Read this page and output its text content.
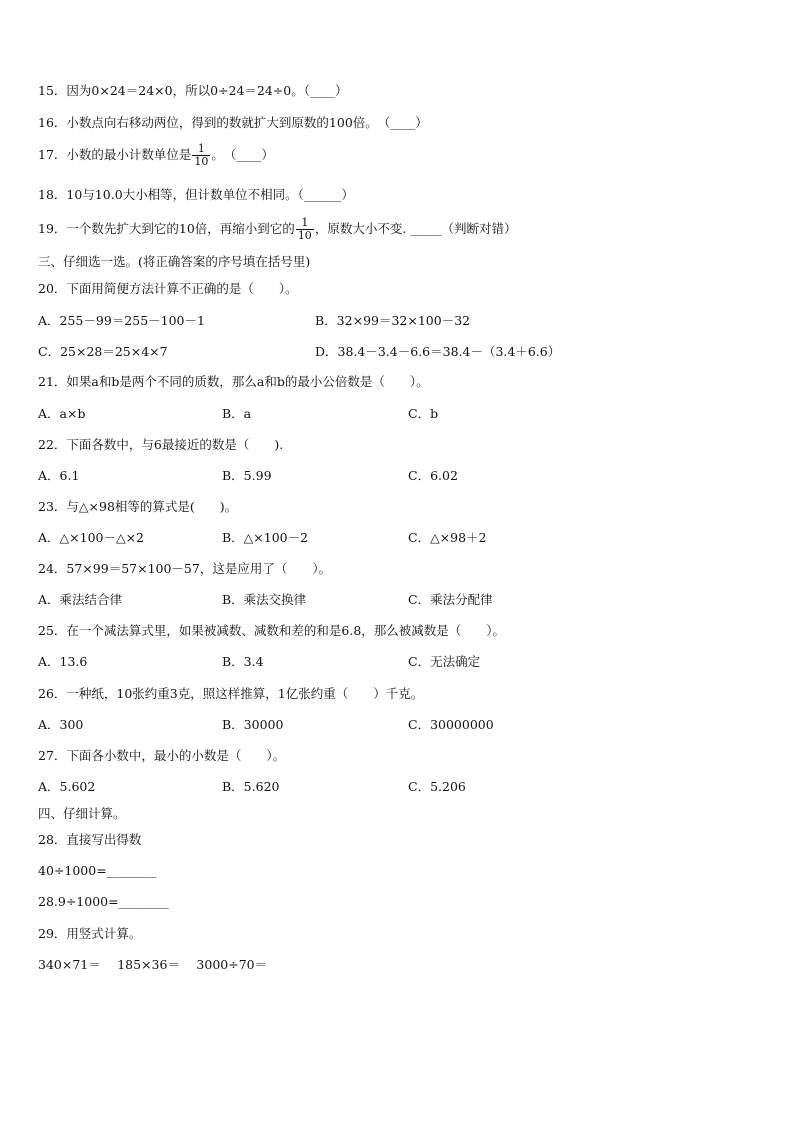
15．因为0×24＝24×0，所以0÷24＝24÷0。（____）
16．小数点向右移动两位，得到的数就扩大到原数的100倍。　（____）
17．小数的最小计数单位是 $\frac{1}{10}$ 。　（____）
18．10与10.0大小相等，但计数单位不相同。（______）
19．一个数先扩大到它的10倍，再缩小到它的 $\frac{1}{10}$ ，原数大小不变. _____（判断对错）
三、仔细选一选。(将正确答案的序号填在括号里)
20．下面用简便方法计算不正确的是（　　）。
A．255－99＝255－100－1	B．32×99＝32×100－32
C．25×28＝25×4×7	D．38.4－3.4－6.6＝38.4－（3.4＋6.6）
21．如果a和b是两个不同的质数，那么a和b的最小公倍数是（　　）。
A．a×b	B．a	C．b
22．下面各数中，与6最接近的数是（　　).
A．6.1	B．5.99	C．6.02
23．与△×98相等的算式是(　　)。
A．△×100－△×2	B．△×100－2	C．△×98＋2
24．57×99＝57×100－57，这是应用了（　　）。
A．乘法结合律	B．乘法交换律	C．乘法分配律
25．在一个减法算式里，如果被减数、减数和差的和是6.8，那么被减数是（　　）。
A．13.6	B．3.4	C．无法确定
26．一种纸，10张约重3克，照这样推算，1亿张约重（　　）千克。
A．300	B．30000	C．30000000
27．下面各小数中，最小的小数是（　　）。
A．5.602	B．5.620	C．5.206
四、仔细计算。
28．直接写出得数
40÷1000=________
28.9÷1000=________
29．用竖式计算。
340×71＝　 185×36＝　 3000÷70＝
